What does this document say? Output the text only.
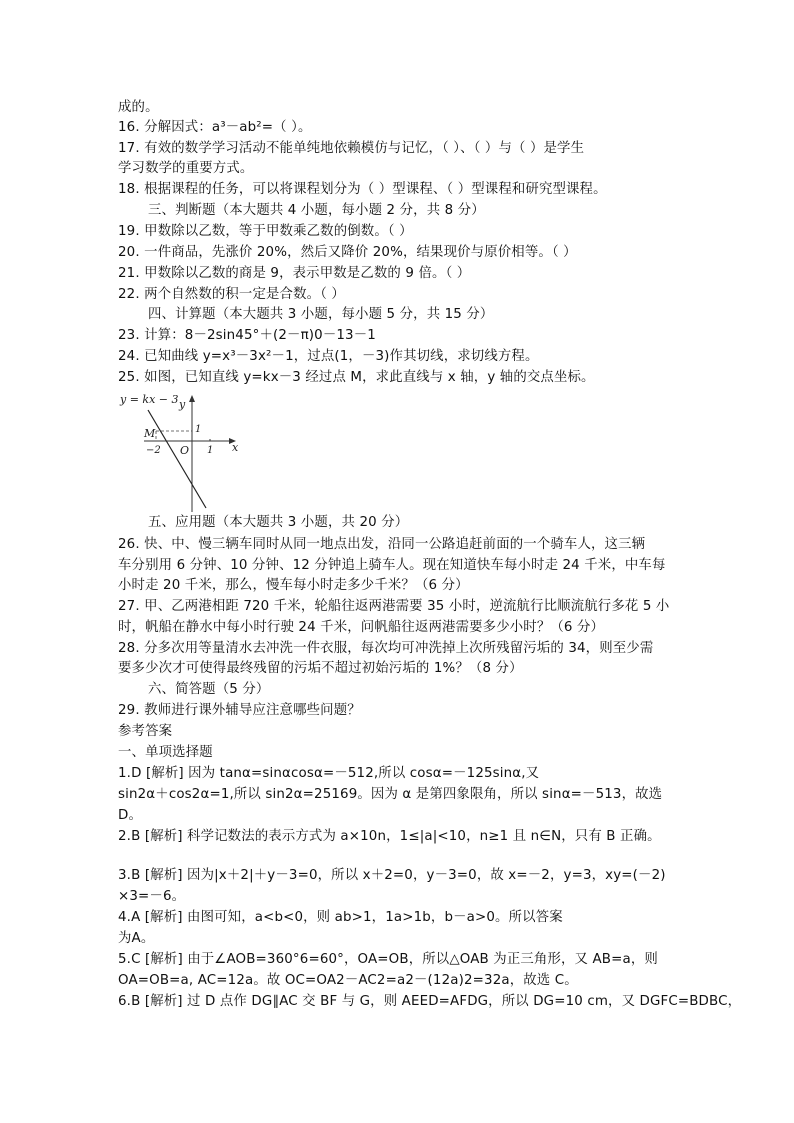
成的。
16. 分解因式：a³－ab²=（ ）。
17. 有效的数学学习活动不能单纯地依赖模仿与记忆，（ ）、（ ）与（ ）是学生
学习数学的重要方式。
18. 根据课程的任务，可以将课程划分为（ ）型课程、（ ）型课程和研究型课程。
三、判断题（本大题共 4 小题，每小题 2 分，共 8 分）
19. 甲数除以乙数，等于甲数乘乙数的倒数。（ ）
20. 一件商品，先涨价 20%，然后又降价 20%，结果现价与原价相等。（ ）
21. 甲数除以乙数的商是 9，表示甲数是乙数的 9 倍。（ ）
22. 两个自然数的积一定是合数。（ ）
四、计算题（本大题共 3 小题，每小题 5 分，共 15 分）
23. 计算：8－2sin45°＋(2－π)0－13－1
24. 已知曲线 y=x³－3x²－1，过点(1，－3)作其切线，求切线方程。
25. 如图，已知直线 y=kx－3 经过点 M，求此直线与 x 轴，y 轴的交点坐标。
y = kx − 3 y
x
M	1
−2 O 1
五、应用题（本大题共 3 小题，共 20 分）
26. 快、中、慢三辆车同时从同一地点出发，沿同一公路追赶前面的一个骑车人，这三辆
车分别用 6 分钟、10 分钟、12 分钟追上骑车人。现在知道快车每小时走 24 千米，中车每
小时走 20 千米，那么，慢车每小时走多少千米？（6 分）
27. 甲、乙两港相距 720 千米，轮船往返两港需要 35 小时，逆流航行比顺流航行多花 5 小
时，帆船在静水中每小时行驶 24 千米，问帆船往返两港需要多少小时？（6 分）
28. 分多次用等量清水去冲洗一件衣服，每次均可冲洗掉上次所残留污垢的 34，则至少需
要多少次才可使得最终残留的污垢不超过初始污垢的 1%？（8 分）
六、简答题（5 分）
29. 教师进行课外辅导应注意哪些问题？
参考答案
一、单项选择题
1.D [解析] 因为 tanα=sinαcosα=－512,所以 cosα=－125sinα,又
sin2α＋cos2α=1,所以 sin2α=25169。因为 α 是第四象限角，所以 sinα=－513，故选
D。
2.B [解析] 科学记数法的表示方式为 a×10n，1≤|a|<10，n≥1 且 n∈N，只有 B 正确。
3.B [解析] 因为|x＋2|＋y－3=0，所以 x＋2=0，y－3=0，故 x=－2，y=3，xy=(－2)
×3=－6。
4.A [解析] 由图可知，a<b<0，则 ab>1，1a>1b，b－a>0。所以答案
为A。
5.C [解析] 由于∠AOB=360°6=60°，OA=OB，所以△OAB 为正三角形，又 AB=a，则
OA=OB=a, AC=12a。故 OC=OA2－AC2=a2－(12a)2=32a，故选 C。
6.B [解析] 过 D 点作 DG∥AC 交 BF 与 G，则 AEED=AFDG，所以 DG=10 cm，又 DGFC=BDBC，
